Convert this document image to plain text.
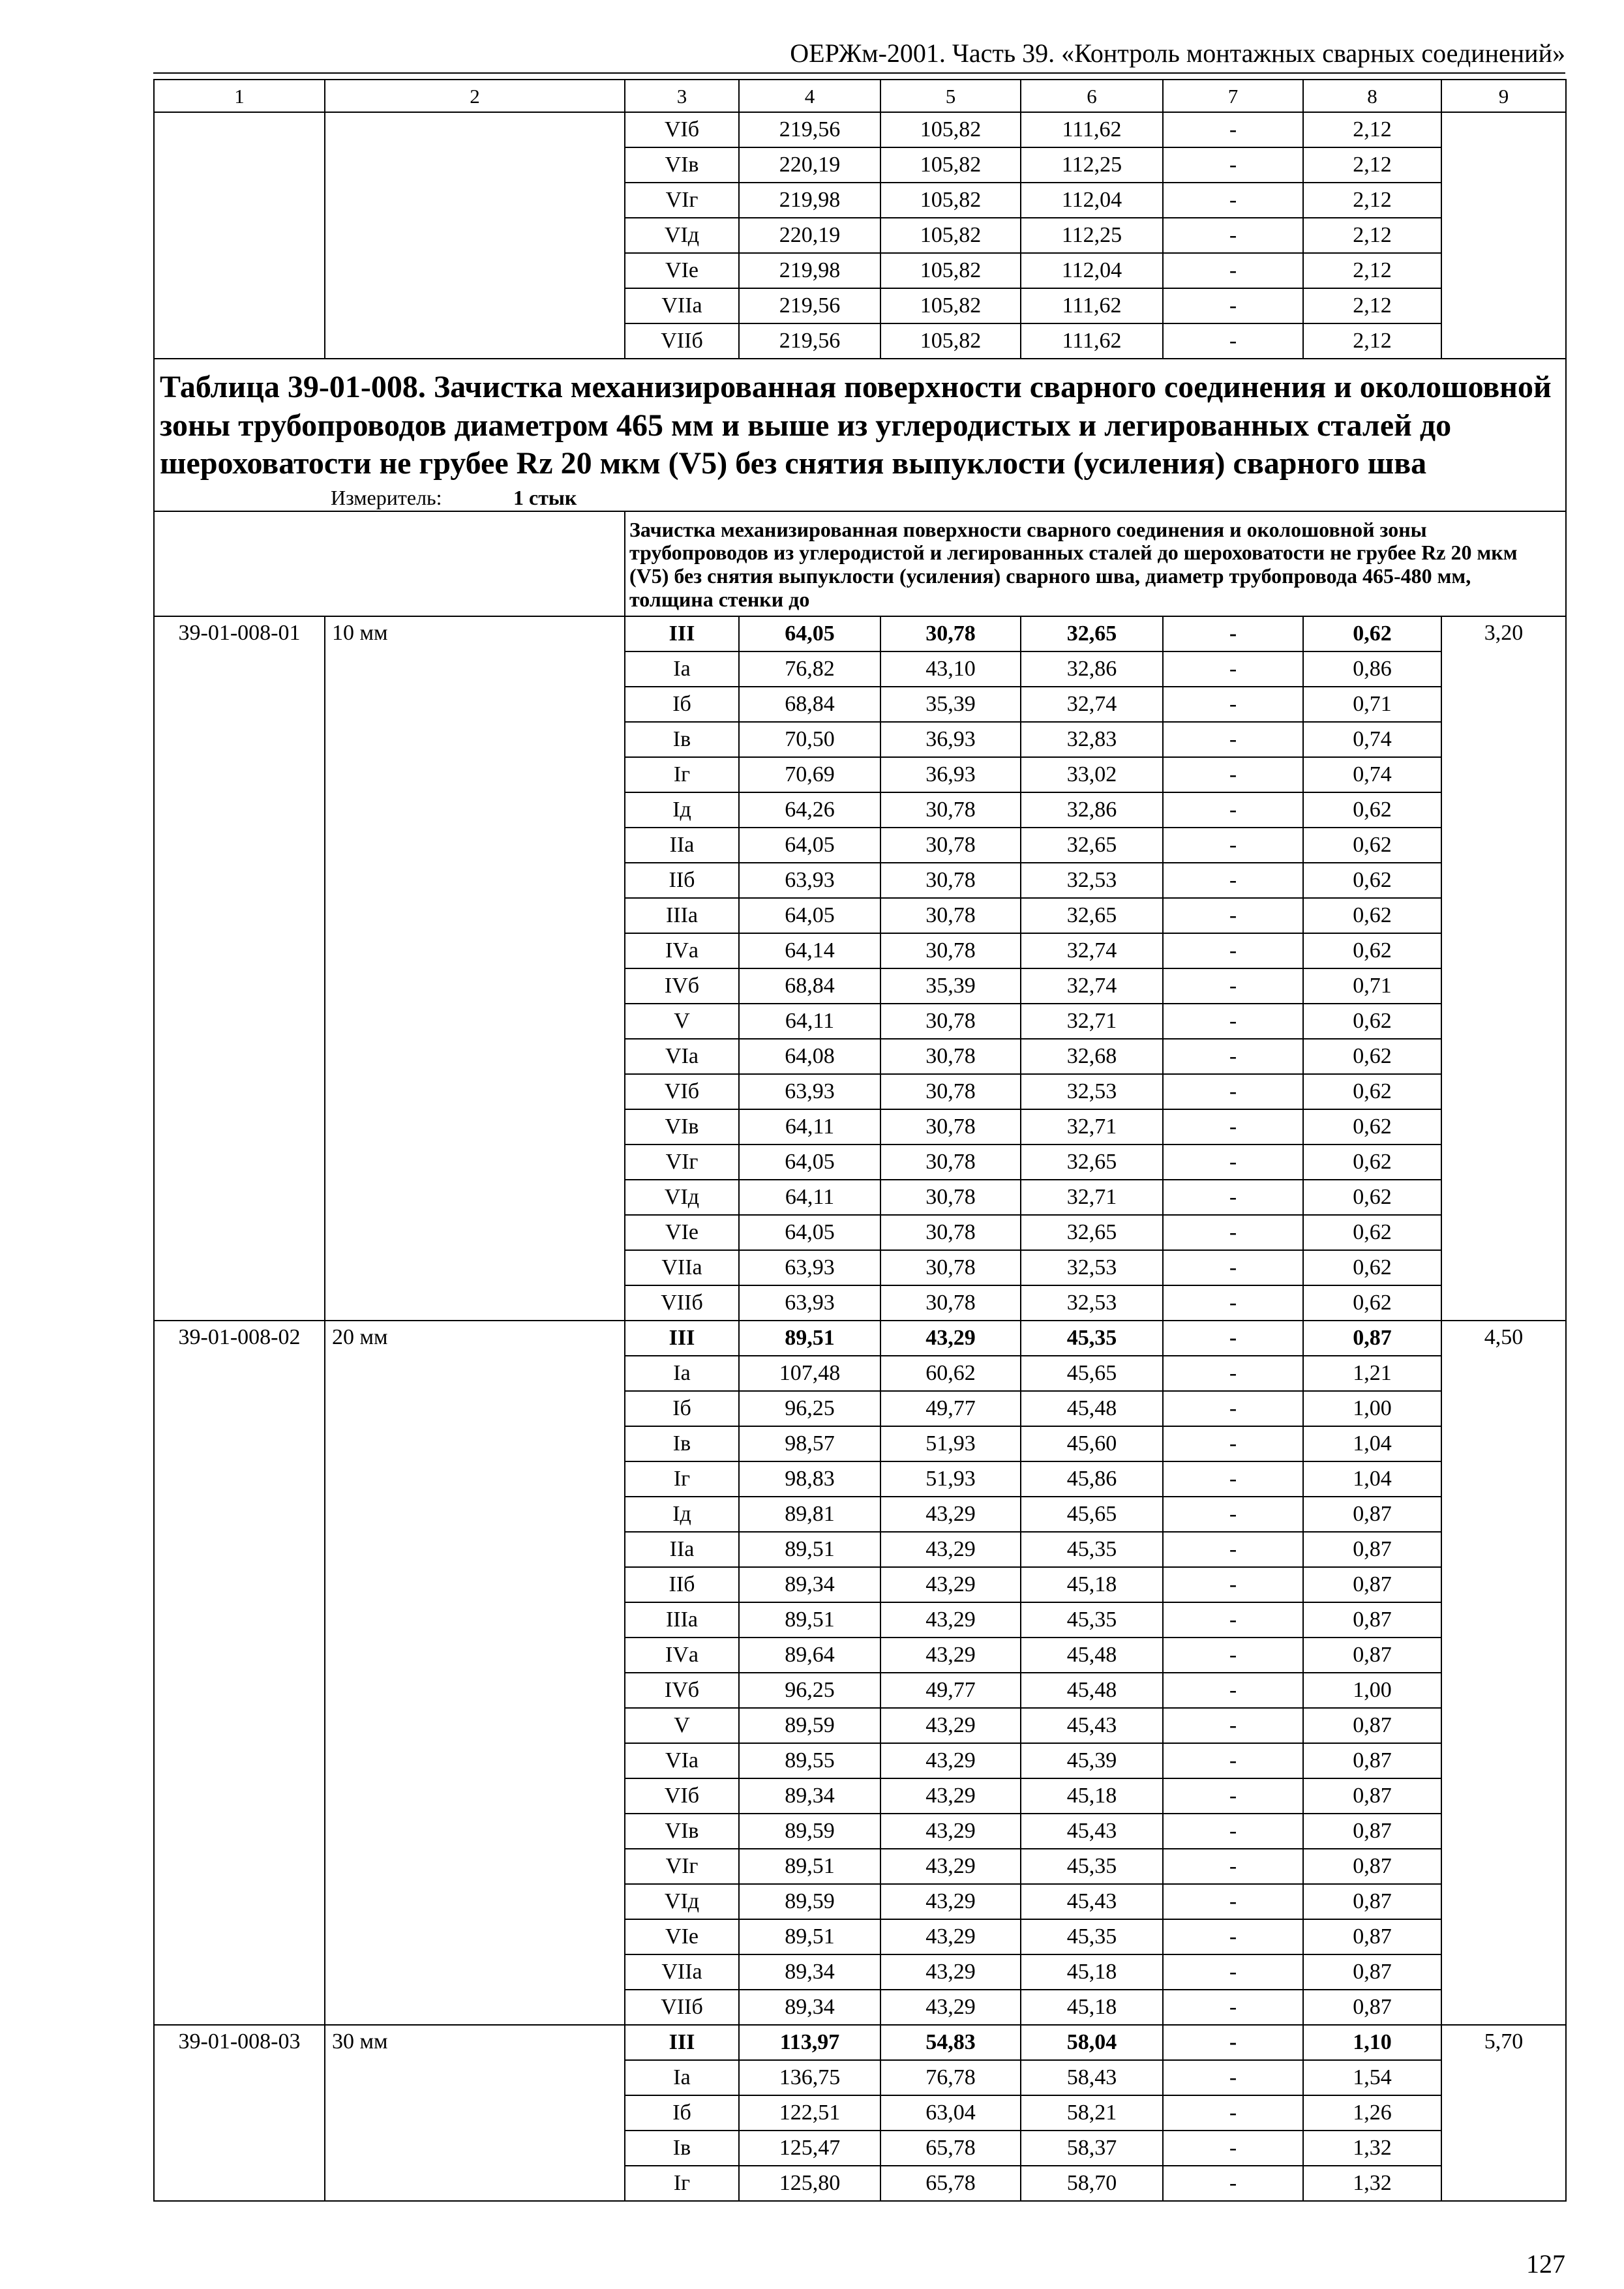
ОЕРЖм-2001. Часть 39. «Контроль монтажных сварных соединений»
1	2	3	4	5	6	7	8	9
		VIб	219,56	105,82	111,62	-	2,12	
		VIв	220,19	105,82	112,25	-	2,12	
		VIг	219,98	105,82	112,04	-	2,12	
		VIд	220,19	105,82	112,25	-	2,12	
		VIе	219,98	105,82	112,04	-	2,12	
		VIIа	219,56	105,82	111,62	-	2,12	
		VIIб	219,56	105,82	111,62	-	2,12	

Таблица 39-01-008. Зачистка механизированная поверхности сварного соединения и околошовной зоны трубопроводов диаметром 465 мм и выше из углеродистых и легированных сталей до шероховатости не грубее Rz 20 мкм (V5) без снятия выпуклости (усиления) сварного шва
Измеритель: 1 стык								

		Зачистка механизированная поверхности сварного соединения и околошовной зоны трубопроводов из углеродистой и легированных сталей до шероховатости не грубее Rz 20 мкм (V5) без снятия выпуклости (усиления) сварного шва, диаметр трубопровода 465-480 мм, толщина стенки до						

39-01-008-01	10 мм	III	64,05	30,78	32,65	-	0,62	3,20
		Iа	76,82	43,10	32,86	-	0,86	
		Iб	68,84	35,39	32,74	-	0,71	
		Iв	70,50	36,93	32,83	-	0,74	
		Iг	70,69	36,93	33,02	-	0,74	
		Iд	64,26	30,78	32,86	-	0,62	
		IIа	64,05	30,78	32,65	-	0,62	
		IIб	63,93	30,78	32,53	-	0,62	
		IIIа	64,05	30,78	32,65	-	0,62	
		IVа	64,14	30,78	32,74	-	0,62	
		IVб	68,84	35,39	32,74	-	0,71	
		V	64,11	30,78	32,71	-	0,62	
		VIа	64,08	30,78	32,68	-	0,62	
		VIб	63,93	30,78	32,53	-	0,62	
		VIв	64,11	30,78	32,71	-	0,62	
		VIг	64,05	30,78	32,65	-	0,62	
		VIд	64,11	30,78	32,71	-	0,62	
		VIе	64,05	30,78	32,65	-	0,62	
		VIIа	63,93	30,78	32,53	-	0,62	
		VIIб	63,93	30,78	32,53	-	0,62	
39-01-008-02	20 мм	III	89,51	43,29	45,35	-	0,87	4,50
		Iа	107,48	60,62	45,65	-	1,21	
		Iб	96,25	49,77	45,48	-	1,00	
		Iв	98,57	51,93	45,60	-	1,04	
		Iг	98,83	51,93	45,86	-	1,04	
		Iд	89,81	43,29	45,65	-	0,87	
		IIа	89,51	43,29	45,35	-	0,87	
		IIб	89,34	43,29	45,18	-	0,87	
		IIIа	89,51	43,29	45,35	-	0,87	
		IVа	89,64	43,29	45,48	-	0,87	
		IVб	96,25	49,77	45,48	-	1,00	
		V	89,59	43,29	45,43	-	0,87	
		VIа	89,55	43,29	45,39	-	0,87	
		VIб	89,34	43,29	45,18	-	0,87	
		VIв	89,59	43,29	45,43	-	0,87	
		VIг	89,51	43,29	45,35	-	0,87	
		VIд	89,59	43,29	45,43	-	0,87	
		VIе	89,51	43,29	45,35	-	0,87	
		VIIа	89,34	43,29	45,18	-	0,87	
		VIIб	89,34	43,29	45,18	-	0,87	
39-01-008-03	30 мм	III	113,97	54,83	58,04	-	1,10	5,70
		Iа	136,75	76,78	58,43	-	1,54	
		Iб	122,51	63,04	58,21	-	1,26	
		Iв	125,47	65,78	58,37	-	1,32	
		Iг	125,80	65,78	58,70	-	1,32	
127
